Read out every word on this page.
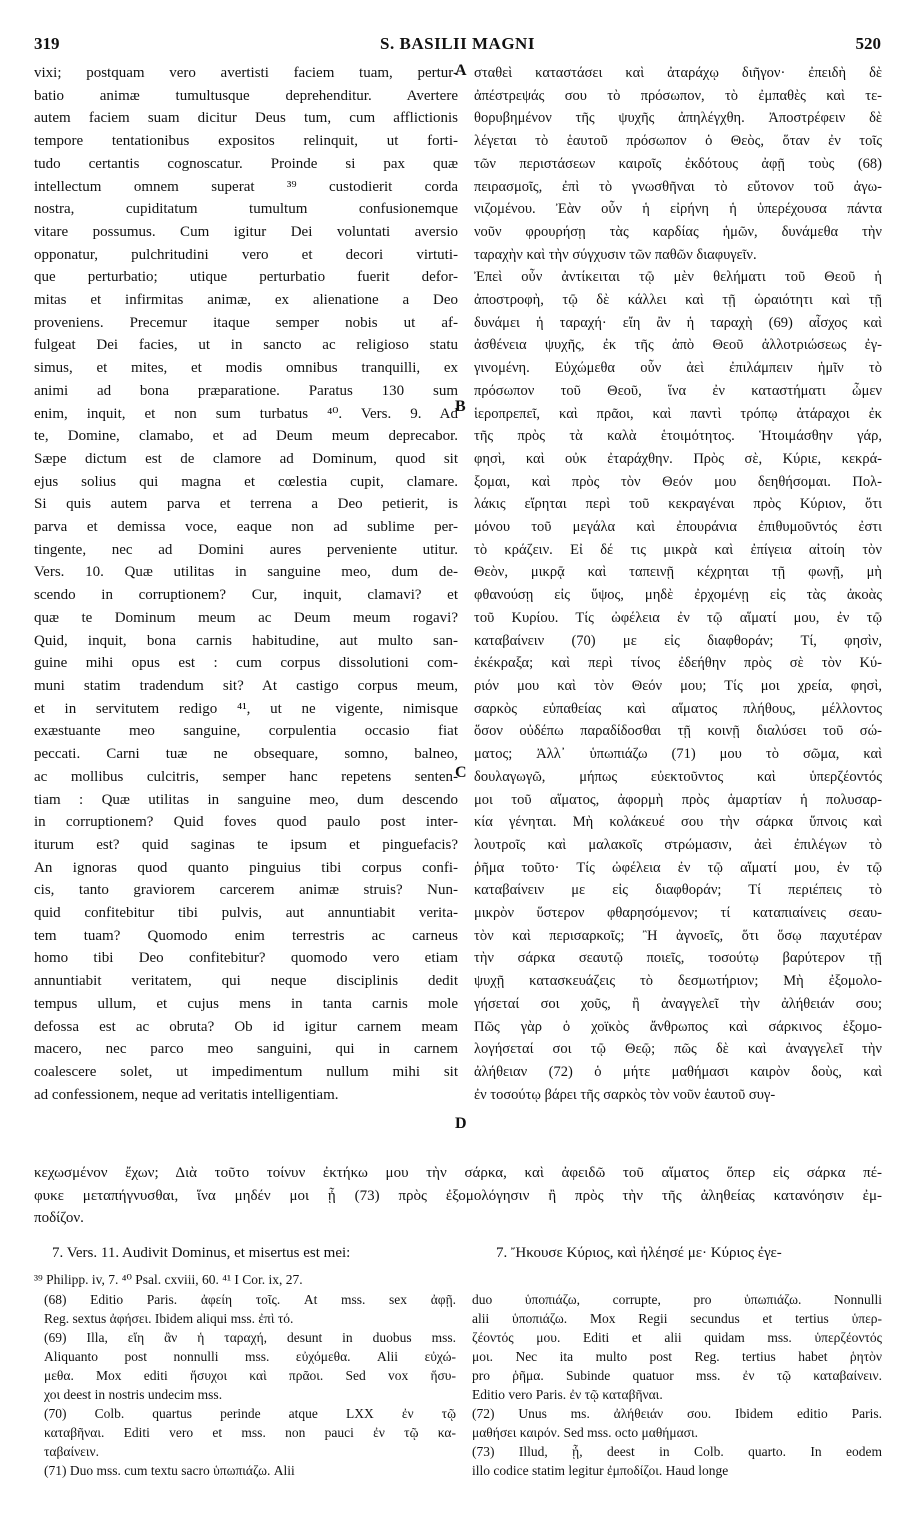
319	S. BASILII MAGNI	520
vixi; postquam vero avertisti faciem tuam, pertur-
batio animæ tumultusque deprehenditur. Avertere
autem faciem suam dicitur Deus tum, cum afflictionis
tempore tentationibus expositos relinquit, ut forti-
tudo certantis cognoscatur. Proinde si pax quæ
intellectum omnem superat ³⁹ custodierit corda
nostra, cupiditatum tumultum confusionemque
vitare possumus. Cum igitur Dei voluntati aversio
opponatur, pulchritudini vero et decori virtuti-
que perturbatio; utique perturbatio fuerit defor-
mitas et infirmitas animæ, ex alienatione a Deo
proveniens. Precemur itaque semper nobis ut af-
fulgeat Dei facies, ut in sancto ac religioso statu
simus, et mites, et modis omnibus tranquilli, ex
animi ad bona præparatione. Paratus 130 sum
enim, inquit, et non sum turbatus ⁴⁰. Vers. 9. Ad
te, Domine, clamabo, et ad Deum meum deprecabor.
Sæpe dictum est de clamore ad Dominum, quod sit
ejus solius qui magna et cœlestia cupit, clamare.
Si quis autem parva et terrena a Deo petierit, is
parva et demissa voce, eaque non ad sublime per-
tingente, nec ad Domini aures perveniente utitur.
Vers. 10. Quæ utilitas in sanguine meo, dum de-
scendo in corruptionem? Cur, inquit, clamavi? et
quæ te Dominum meum ac Deum meum rogavi?
Quid, inquit, bona carnis habitudine, aut multo san-
guine mihi opus est : cum corpus dissolutioni com-
muni statim tradendum sit? At castigo corpus meum,
et in servitutem redigo ⁴¹, ut ne vigente, nimisque
exæstuante meo sanguine, corpulentia occasio fiat
peccati. Carni tuæ ne obsequare, somno, balneo,
ac mollibus culcitris, semper hanc repetens senten-
tiam : Quæ utilitas in sanguine meo, dum descendo
in corruptionem? Quid foves quod paulo post inter-
iturum est? quid saginas te ipsum et pinguefacis?
An ignoras quod quanto pinguius tibi corpus confi-
cis, tanto graviorem carcerem animæ struis? Nun-
quid confitebitur tibi pulvis, aut annuntiabit verita-
tem tuam? Quomodo enim terrestris ac carneus
homo tibi Deo confitebitur? quomodo vero etiam
annuntiabit veritatem, qui neque disciplinis dedit
tempus ullum, et cujus mens in tanta carnis mole
defossa est ac obruta? Ob id igitur carnem meam
macero, nec parco meo sanguini, qui in carnem
coalescere solet, ut impedimentum nullum mihi sit
ad confessionem, neque ad veritatis intelligentiam.
σταθεὶ καταστάσει καὶ ἀταράχῳ διῆγον· ἐπειδὴ δὲ
ἀπέστρεψάς σου τὸ πρόσωπον, τὸ ἐμπαθὲς καὶ τε-
θορυβημένον τῆς ψυχῆς ἀπηλέγχθη. Ἀποστρέφειν δὲ
λέγεται τὸ ἑαυτοῦ πρόσωπον ὁ Θεὸς, ὅταν ἐν τοῖς
τῶν περιστάσεων καιροῖς ἐκδότους ἀφῇ τοὺς (68)
πειρασμοῖς, ἐπὶ τὸ γνωσθῆναι τὸ εὔτονον τοῦ ἀγω-
νιζομένου. Ἐὰν οὖν ἡ εἰρήνη ἡ ὑπερέχουσα πάντα
νοῦν φρουρήσῃ τὰς καρδίας ἡμῶν, δυνάμεθα τὴν
ταραχὴν καὶ τὴν σύγχυσιν τῶν παθῶν διαφυγεῖν.
Ἐπεὶ οὖν ἀντίκειται τῷ μὲν θελήματι τοῦ Θεοῦ ἡ
ἀποστροφὴ, τῷ δὲ κάλλει καὶ τῇ ὡραιότητι καὶ τῇ
δυνάμει ἡ ταραχή· εἴη ἂν ἡ ταραχὴ (69) αἶσχος καὶ
ἀσθένεια ψυχῆς, ἐκ τῆς ἀπὸ Θεοῦ ἀλλοτριώσεως ἐγ-
γινομένη. Εὐχώμεθα οὖν ἀεὶ ἐπιλάμπειν ἡμῖν τὸ
πρόσωπον τοῦ Θεοῦ, ἵνα ἐν καταστήματι ὦμεν
ἱεροπρεπεῖ, καὶ πρᾶοι, καὶ παντὶ τρόπῳ ἀτάραχοι ἐκ
τῆς πρὸς τὰ καλὰ ἑτοιμότητος. Ἡτοιμάσθην γάρ,
φησὶ, καὶ οὐκ ἐταράχθην. Πρὸς σὲ, Κύριε, κεκρά-
ξομαι, καὶ πρὸς τὸν Θεόν μου δεηθήσομαι. Πολ-
λάκις εἴρηται περὶ τοῦ κεκραγέναι πρὸς Κύριον, ὅτι
μόνου τοῦ μεγάλα καὶ ἐπουράνια ἐπιθυμοῦντός ἐστι
τὸ κράζειν. Εἰ δέ τις μικρὰ καὶ ἐπίγεια αἰτοίη τὸν
Θεὸν, μικρᾷ καὶ ταπεινῇ κέχρηται τῇ φωνῇ, μὴ
φθανούσῃ εἰς ὕψος, μηδὲ ἐρχομένῃ εἰς τὰς ἀκοὰς
τοῦ Κυρίου. Τίς ὠφέλεια ἐν τῷ αἵματί μου, ἐν τῷ
καταβαίνειν (70) με εἰς διαφθοράν; Τί, φησὶν,
ἐκέκραξα; καὶ περὶ τίνος ἐδεήθην πρὸς σὲ τὸν Κύ-
ριόν μου καὶ τὸν Θεόν μου; Τίς μοι χρεία, φησὶ,
σαρκὸς εὐπαθείας καὶ αἵματος πλήθους, μέλλοντος
ὅσον οὐδέπω παραδίδοσθαι τῇ κοινῇ διαλύσει τοῦ σώ-
ματος; Ἀλλ᾽ ὑπωπιάζω (71) μου τὸ σῶμα, καὶ
δουλαγωγῶ, μήπως εὐεκτοῦντος καὶ ὑπερζέοντός
μοι τοῦ αἵματος, ἀφορμὴ πρὸς ἁμαρτίαν ἡ πολυσαρ-
κία γένηται. Μὴ κολάκευέ σου τὴν σάρκα ὕπνοις καὶ
λουτροῖς καὶ μαλακοῖς στρώμασιν, ἀεὶ ἐπιλέγων τὸ
ῥῆμα τοῦτο· Τίς ὠφέλεια ἐν τῷ αἵματί μου, ἐν τῷ
καταβαίνειν με εἰς διαφθοράν; Τί περιέπεις τὸ
μικρὸν ὕστερον φθαρησόμενον; τί καταπιαίνεις σεαυ-
τὸν καὶ περισαρκοῖς; Ἢ ἀγνοεῖς, ὅτι ὅσῳ παχυτέραν
τὴν σάρκα σεαυτῷ ποιεῖς, τοσούτῳ βαρύτερον τῇ
ψυχῇ κατασκευάζεις τὸ δεσμωτήριον; Μὴ ἐξομολο-
γήσεταί σοι χοῦς, ἢ ἀναγγελεῖ τὴν ἀλήθειάν σου;
Πῶς γὰρ ὁ χοϊκὸς ἄνθρωπος καὶ σάρκινος ἐξομο-
λογήσεταί σοι τῷ Θεῷ; πῶς δὲ καὶ ἀναγγελεῖ τὴν
ἀλήθειαν (72) ὁ μήτε μαθήμασι καιρὸν δοὺς, καὶ
ἐν τοσούτῳ βάρει τῆς σαρκὸς τὸν νοῦν ἑαυτοῦ συγ-
A
B
C
D
κεχωσμένον ἔχων; Διὰ τοῦτο τοίνυν ἐκτήκω μου τὴν σάρκα, καὶ ἀφειδῶ τοῦ αἵματος ὅπερ εἰς σάρκα πέ-
φυκε μεταπήγνυσθαι, ἵνα μηδέν μοι ᾖ (73) πρὸς ἐξομολόγησιν ἢ πρὸς τὴν τῆς ἀληθείας κατανόησιν ἐμ-
ποδίζον.
7. Vers. 11. Audivit Dominus, et misertus est mei:	7. Ἤκουσε Κύριος, καὶ ἠλέησέ με· Κύριος ἐγε-
³⁹ Philipp. iv, 7. ⁴⁰ Psal. cxviii, 60. ⁴¹ I Cor. ix, 27.
(68) Editio Paris. ἀφείη τοῖς. At mss. sex ἀφῇ.
Reg. sextus ἀφήσει. Ibidem aliqui mss. ἐπὶ τό.
(69) Illa, εἴη ἂν ἡ ταραχή, desunt in duobus mss.
Aliquanto post nonnulli mss. εὐχόμεθα. Alii εὐχώ-
μεθα. Mox editi ἥσυχοι καὶ πρᾶοι. Sed vox ἥσυ-
χοι deest in nostris undecim mss.
(70) Colb. quartus perinde atque LXX ἐν τῷ
καταβῆναι. Editi vero et mss. non pauci ἐν τῷ κα-
ταβαίνειν.
(71) Duo mss. cum textu sacro ὑπωπιάζω. Alii
duo ὑποπιάζω, corrupte, pro ὑπωπιάζω. Nonnulli
alii ὑποπιάζω. Mox Regii secundus et tertius ὑπερ-
ζέοντός μου. Editi et alii quidam mss. ὑπερζέοντός
μοι. Nec ita multo post Reg. tertius habet ῥητὸν
pro ῥῆμα. Subinde quatuor mss. ἐν τῷ καταβαίνειν.
Editio vero Paris. ἐν τῷ καταβῆναι.
(72) Unus ms. ἀλήθειάν σου. Ibidem editio Paris.
μαθήσει καιρόν. Sed mss. octo μαθήμασι.
(73) Illud, ᾖ, deest in Colb. quarto. In eodem
illo codice statim legitur ἐμποδίζοι. Haud longe
